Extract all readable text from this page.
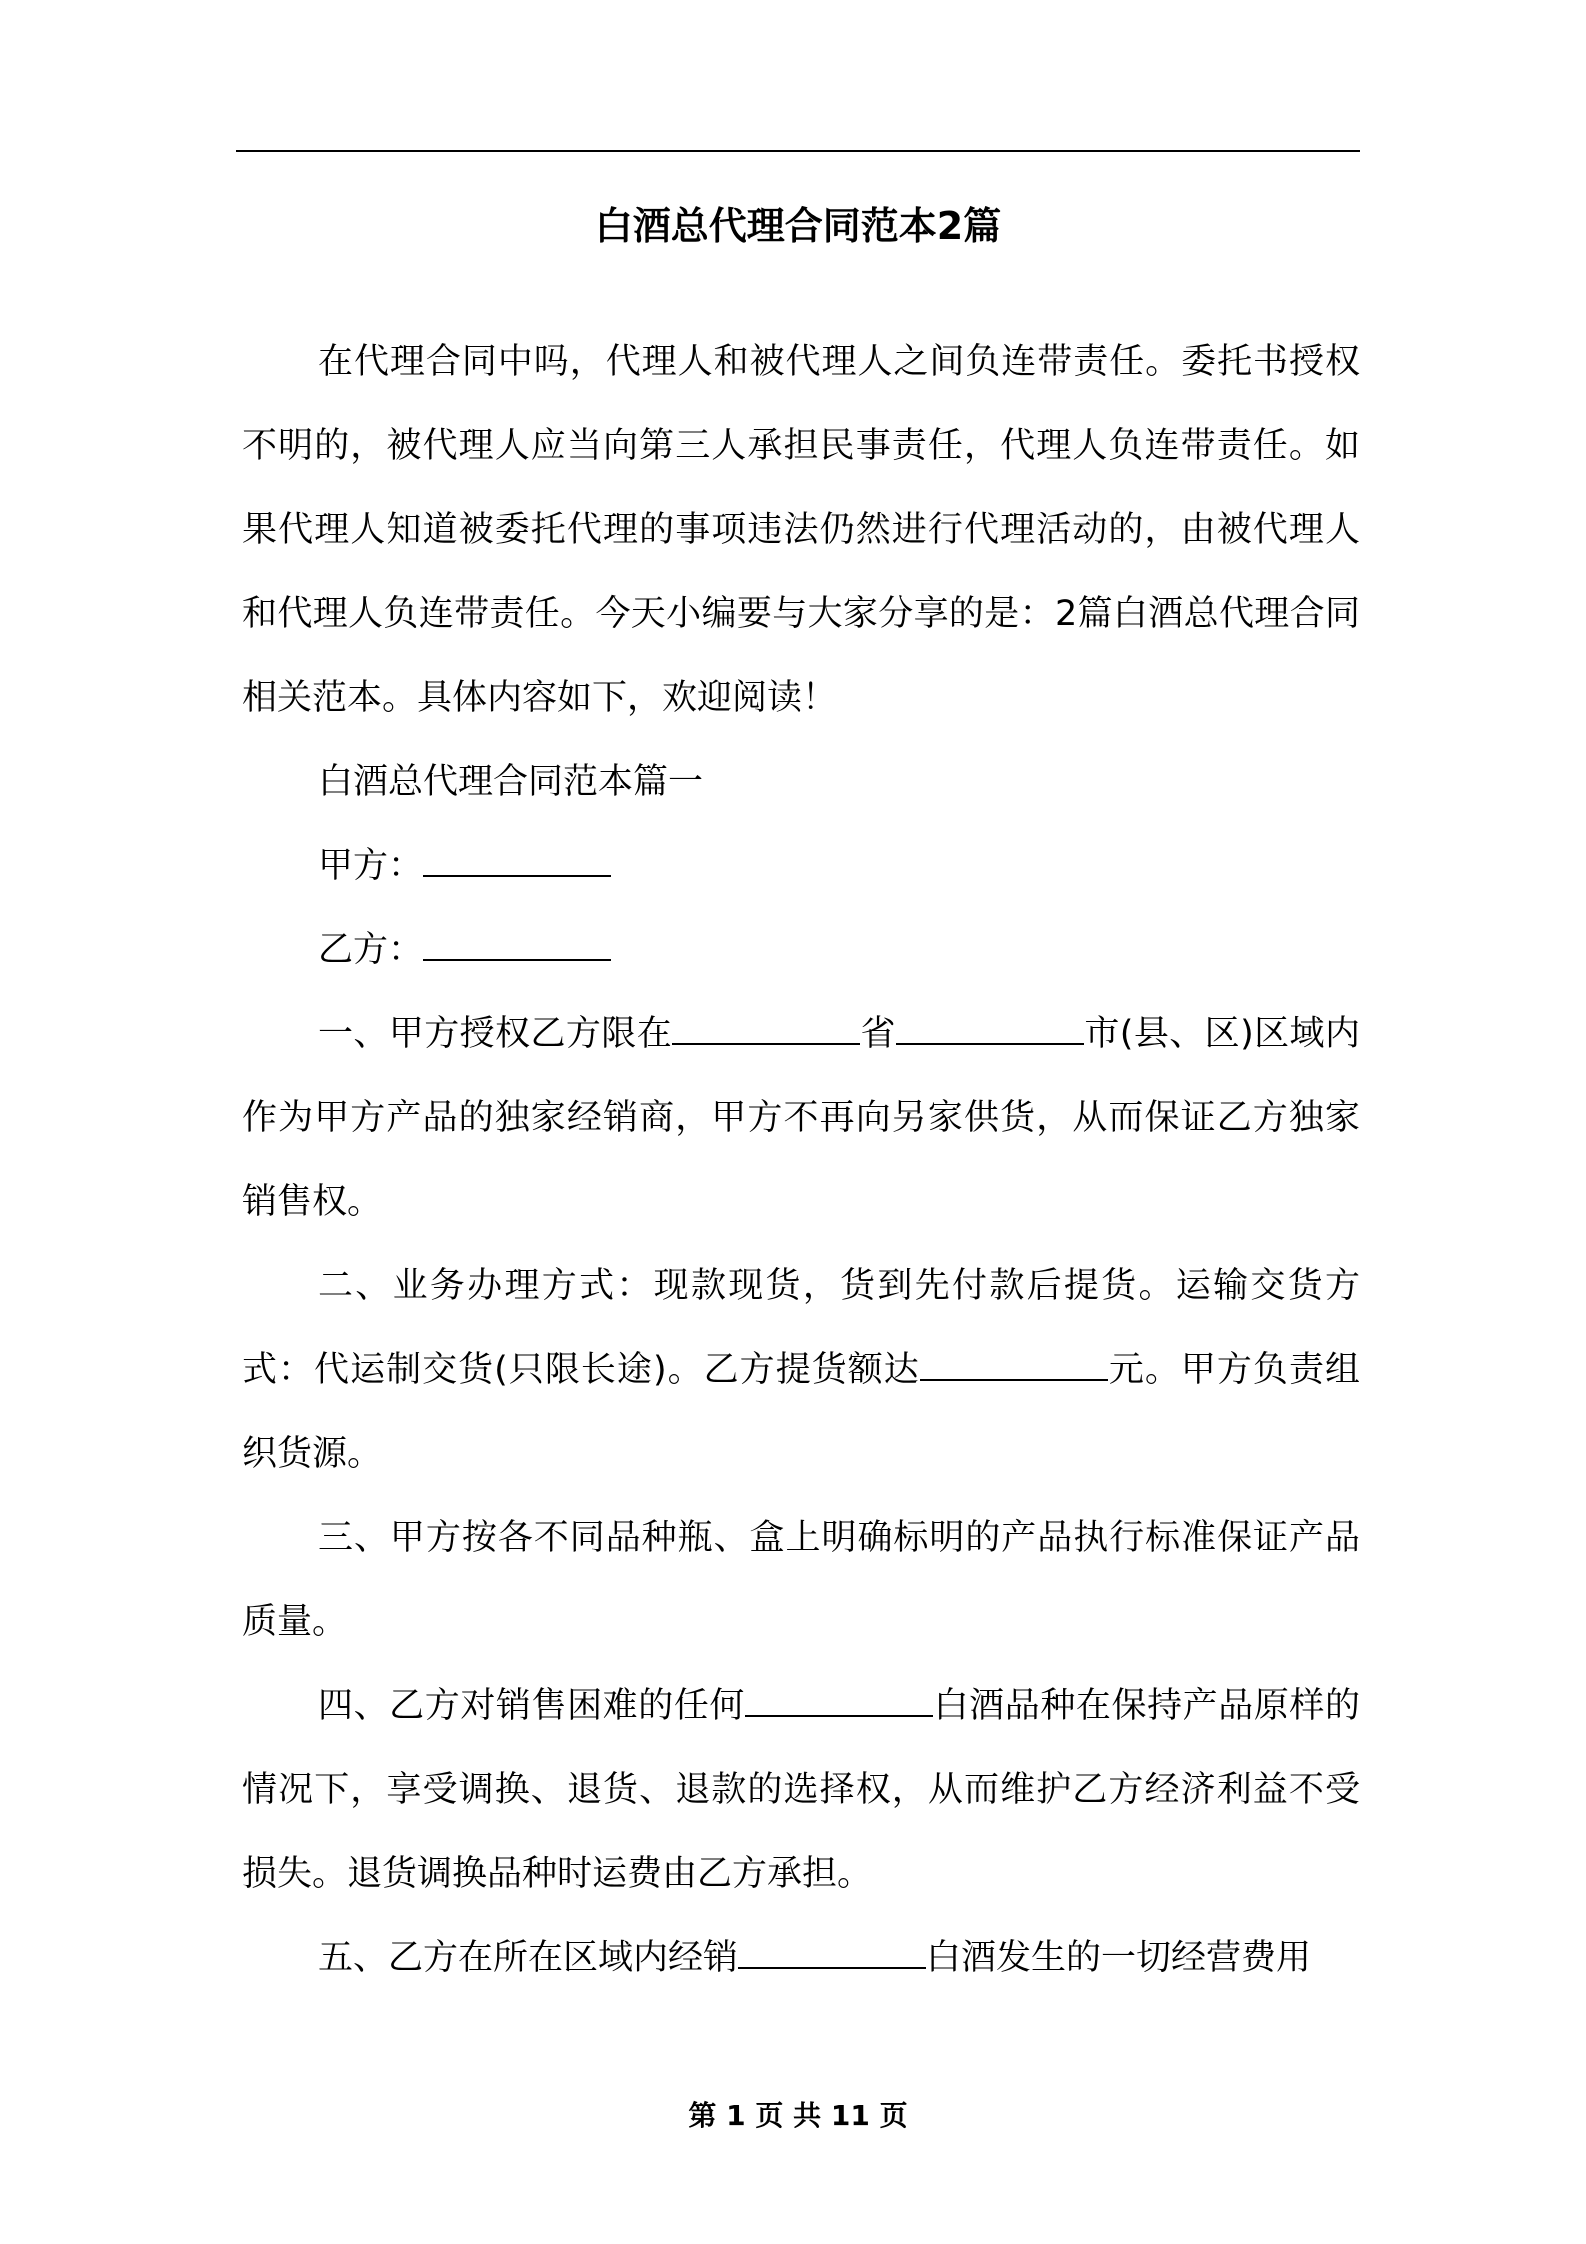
白酒总代理合同范本2篇

在代理合同中吗，代理人和被代理人之间负连带责任。委托书授权不明的，被代理人应当向第三人承担民事责任，代理人负连带责任。如果代理人知道被委托代理的事项违法仍然进行代理活动的，由被代理人和代理人负连带责任。今天小编要与大家分享的是：2篇白酒总代理合同相关范本。具体内容如下，欢迎阅读！

白酒总代理合同范本篇一

甲方：

乙方：

一、甲方授权乙方限在	省	市(县、区)区域内作为甲方产品的独家经销商，甲方不再向另家供货，从而保证乙方独家销售权。

二、业务办理方式：现款现货，货到先付款后提货。运输交货方式：代运制交货(只限长途)。乙方提货额达	元。甲方负责组织货源。

三、甲方按各不同品种瓶、盒上明确标明的产品执行标准保证产品质量。

四、乙方对销售困难的任何	白酒品种在保持产品原样的情况下，享受调换、退货、退款的选择权，从而维护乙方经济利益不受损失。退货调换品种时运费由乙方承担。

五、乙方在所在区域内经销	白酒发生的一切经营费用

第 1 页 共 11 页
